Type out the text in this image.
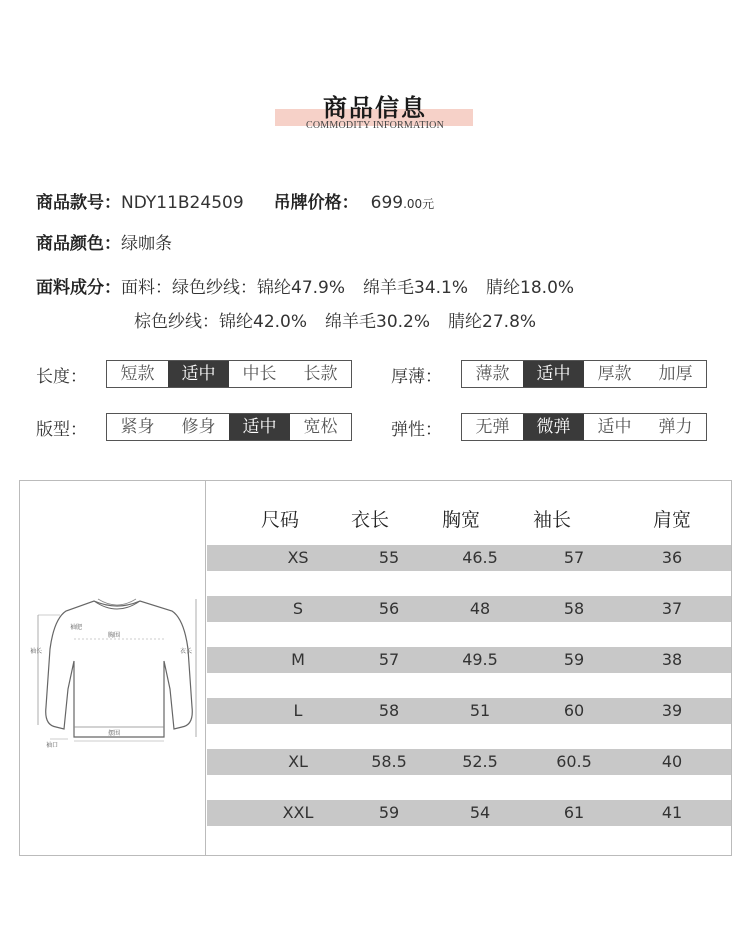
商品信息
COMMODITY INFORMATION
商品款号：NDY11B24509 吊牌价格： 699.00元
商品颜色：绿咖条
面料成分：面料：绿色纱线：锦纶47.9% 绵羊毛34.1% 腈纶18.0%
棕色纱线：锦纶42.0% 绵羊毛30.2% 腈纶27.8%
长度：	短款	适中	中长	长款	厚薄：	薄款	适中	厚款	加厚
版型：	紧身	修身	适中	宽松	弹性：	无弹	微弹	适中	弹力
袖长
袖肥
胸围
衣长
摆围
袖口
尺码	衣长	胸宽	袖长	肩宽
XS	55	46.5	57	36
S	56	48	58	37
M	57	49.5	59	38
L	58	51	60	39
XL	58.5	52.5	60.5	40
XXL	59	54	61	41
